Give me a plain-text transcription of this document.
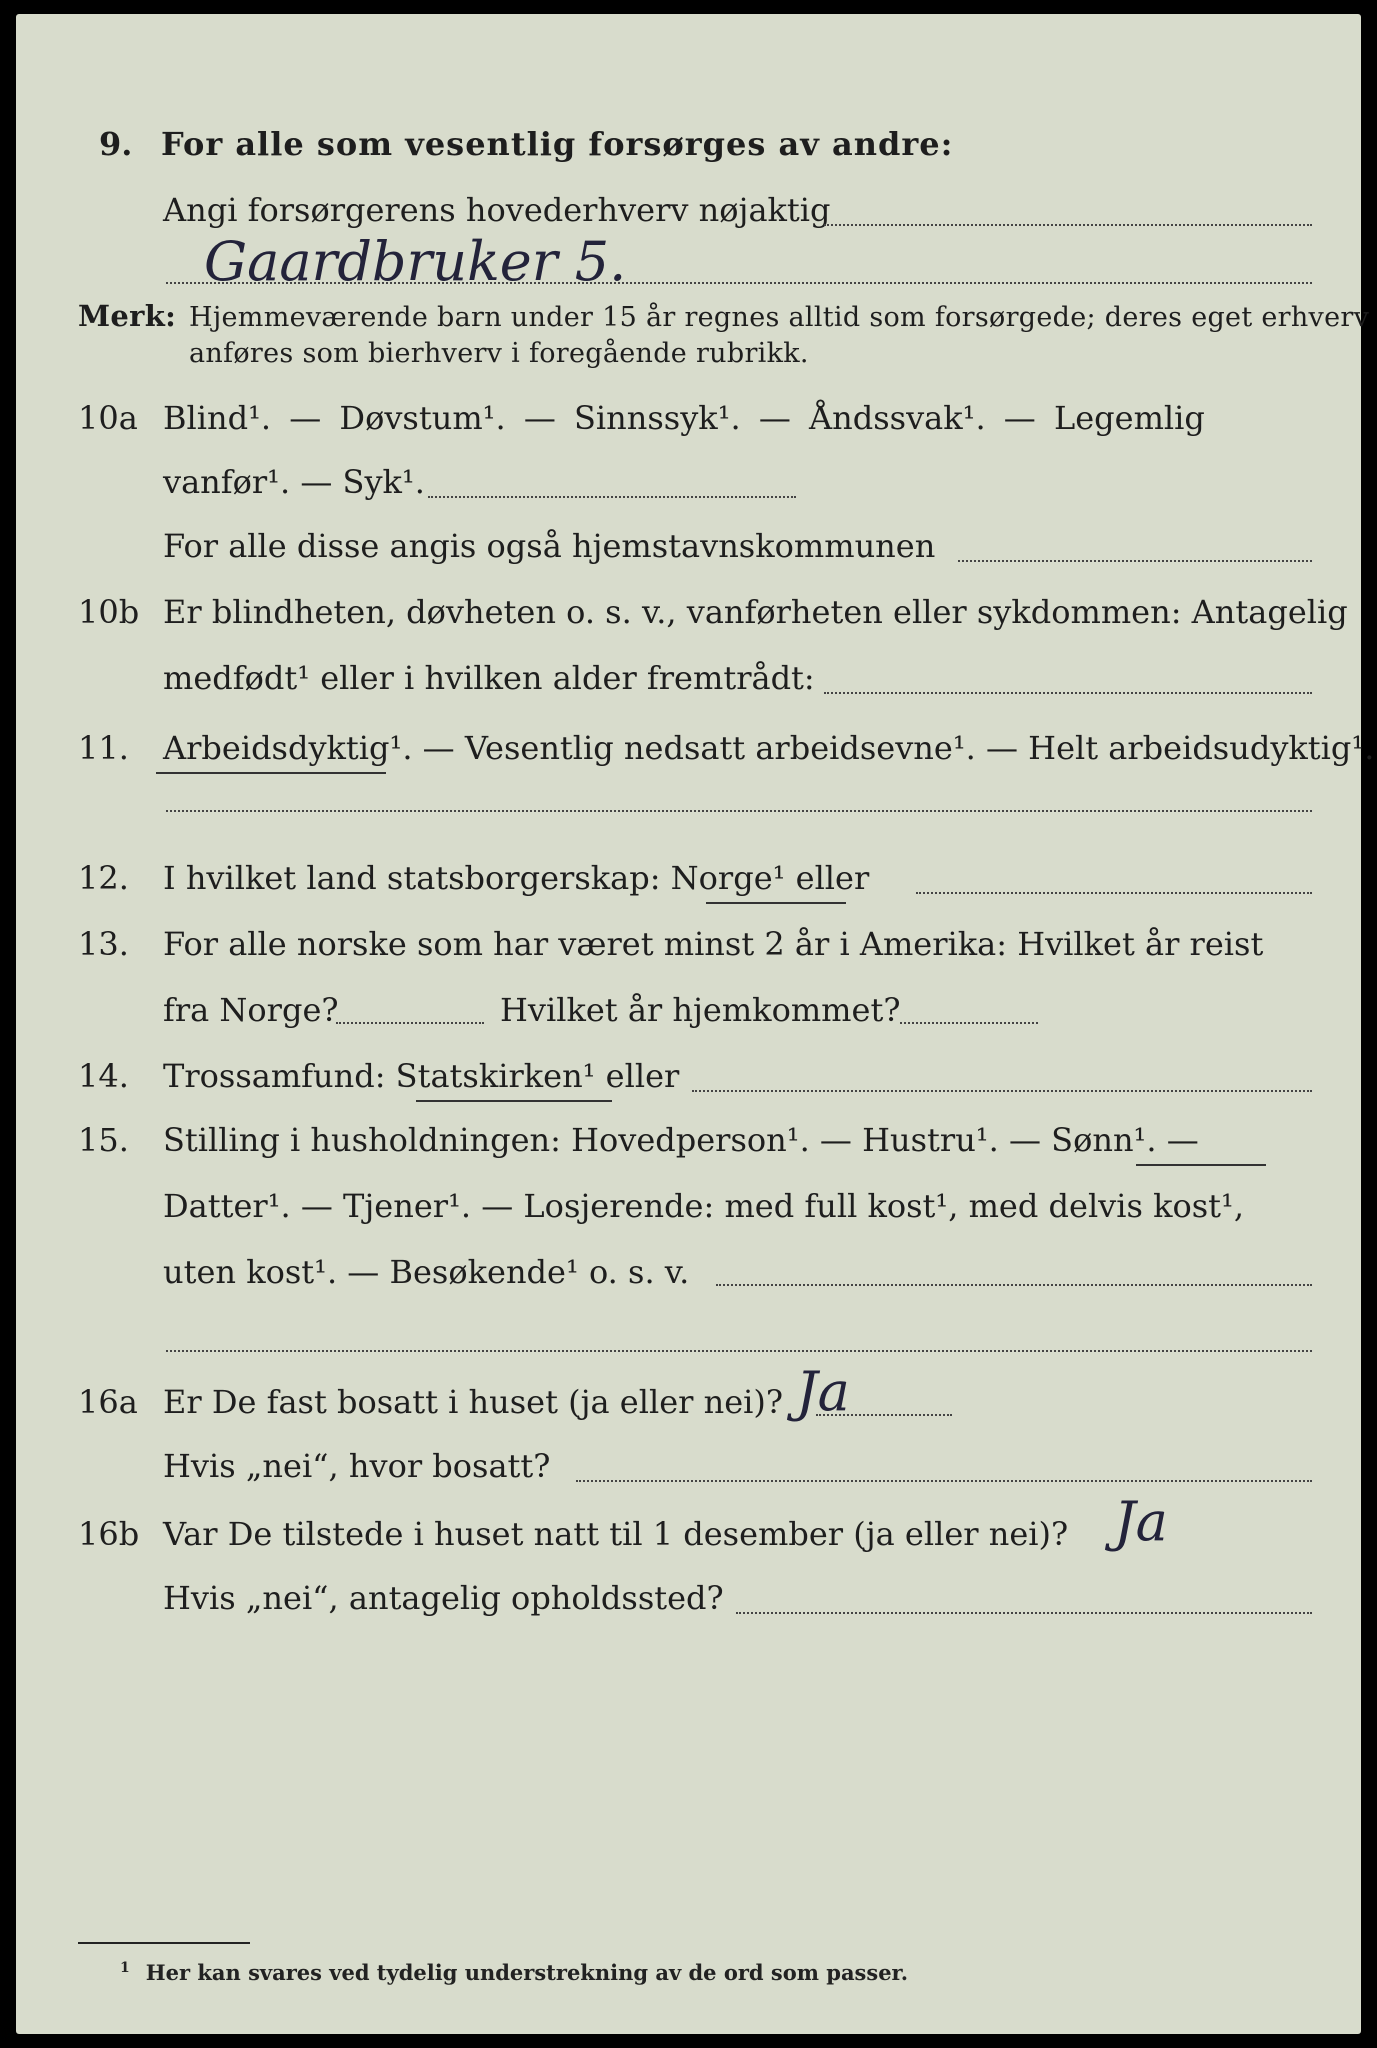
9. For alle som vesentlig forsørges av andre:
Angi forsørgerens hovederhverv nøjaktig
Gaardbruker 5.
Merk: Hjemmeværende barn under 15 år regnes alltid som forsørgede; deres eget erhverv
anføres som bierhverv i foregående rubrikk.
10a Blind¹. — Døvstum¹. — Sinnssyk¹. — Åndssvak¹. — Legemlig
vanfør¹. — Syk¹.
For alle disse angis også hjemstavnskommunen
10b Er blindheten, døvheten o. s. v., vanførheten eller sykdommen: Antagelig
medfødt¹ eller i hvilken alder fremtrådt:
11. Arbeidsdyktig¹. — Vesentlig nedsatt arbeidsevne¹. — Helt arbeidsudyktig¹.
12. I hvilket land statsborgerskap: Norge¹ eller
13. For alle norske som har været minst 2 år i Amerika: Hvilket år reist
fra Norge?	Hvilket år hjemkommet?
14. Trossamfund: Statskirken¹ eller
15. Stilling i husholdningen: Hovedperson¹. — Hustru¹. — Sønn¹. —
Datter¹. — Tjener¹. — Losjerende: med full kost¹, med delvis kost¹,
uten kost¹. — Besøkende¹ o. s. v.
16a Er De fast bosatt i huset (ja eller nei)? Ja
Hvis „nei“, hvor bosatt?
16b Var De tilstede i huset natt til 1 desember (ja eller nei)? Ja
Hvis „nei“, antagelig opholdssted?
$^1$ Her kan svares ved tydelig understrekning av de ord som passer.
